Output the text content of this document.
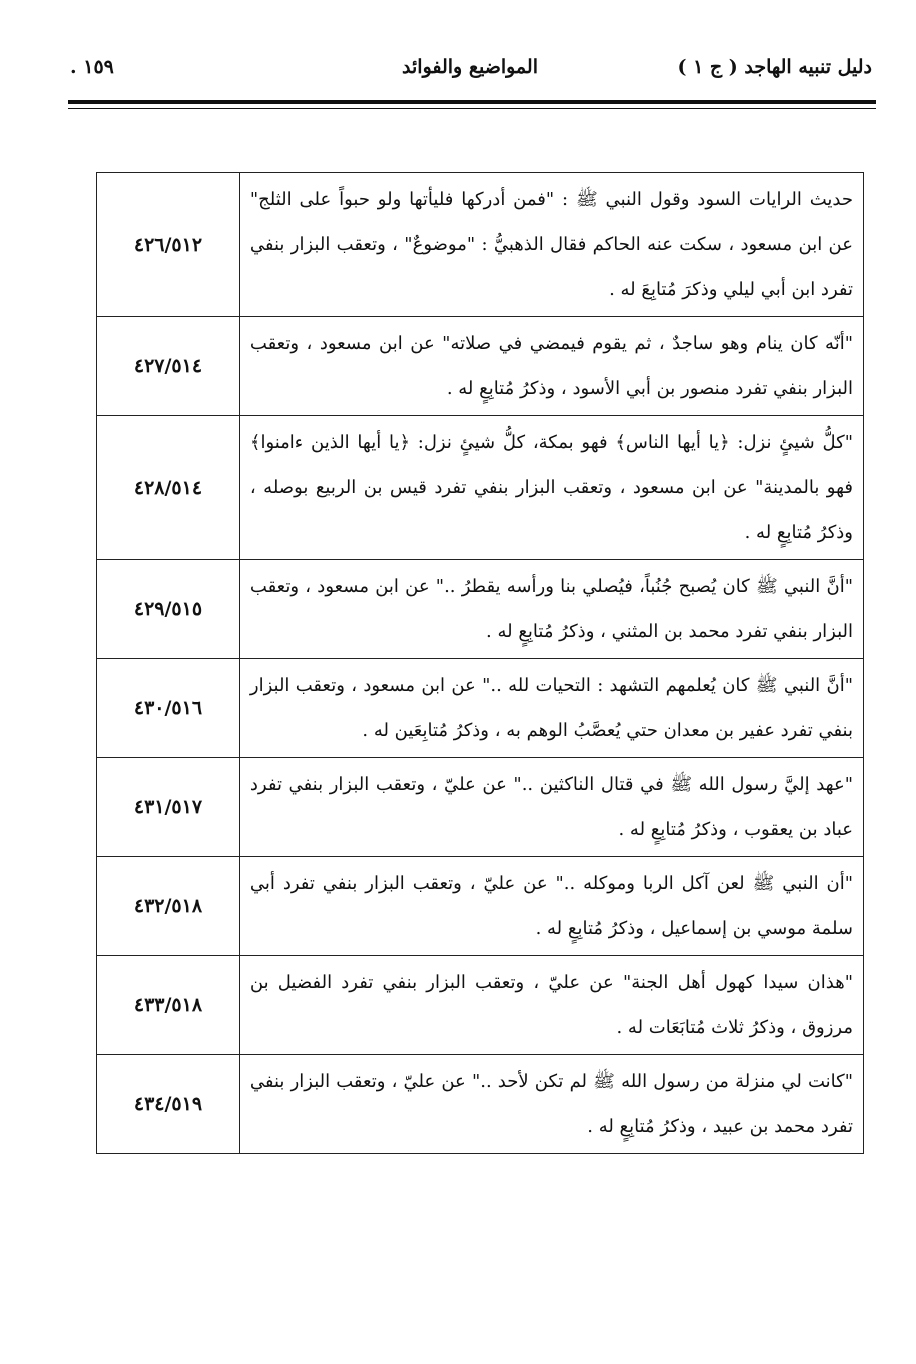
دليل تنبيه الهاجد ( ج ١ )
المواضيع والفوائد
١٥٩ .
حديث الرايات السود وقول النبي ﷺ : "فمن أدركها فليأتها ولو حبواً على الثلج" عن ابن مسعود ، سكت عنه الحاكم فقال الذهبيُّ : "موضوعٌ" ، وتعقب البزار بنفي تفرد ابن أبي ليلي وذكرَ مُتابِعَ له .	٤٢٦/٥١٢
"أنّه كان ينام وهو ساجدٌ ، ثم يقوم فيمضي في صلاته" عن ابن مسعود ، وتعقب البزار بنفي تفرد منصور بن أبي الأسود ، وذكرُ مُتابِعٍ له .	٤٢٧/٥١٤
"كلُّ شيئٍ نزل: ﴿يا أيها الناس﴾ فهو بمكة، كلُّ شيئٍ نزل: ﴿يا أيها الذين ءامنوا﴾ فهو بالمدينة" عن ابن مسعود ، وتعقب البزار بنفي تفرد قيس بن الربيع بوصله ، وذكرُ مُتابِعٍ له .	٤٢٨/٥١٤
"أنَّ النبي ﷺ كان يُصبح جُنُباً، فيُصلي بنا ورأسه يقطرُ .." عن ابن مسعود ، وتعقب البزار بنفي تفرد محمد بن المثني ، وذكرُ مُتابِعٍ له .	٤٢٩/٥١٥
"أنَّ النبي ﷺ كان يُعلمهم التشهد : التحيات لله .." عن ابن مسعود ، وتعقب البزار بنفي تفرد عفير بن معدان حتي يُعصَّبُ الوهم به ، وذكرُ مُتابِعَين له .	٤٣٠/٥١٦
"عهد إليَّ رسول الله ﷺ في قتال الناكثين .." عن عليّ ، وتعقب البزار بنفي تفرد عباد بن يعقوب ، وذكرُ مُتابِعٍ له .	٤٣١/٥١٧
"أن النبي ﷺ لعن آكل الربا وموكله .." عن عليّ ، وتعقب البزار بنفي تفرد أبي سلمة موسي بن إسماعيل ، وذكرُ مُتابِعٍ له .	٤٣٢/٥١٨
"هذان سيدا كهول أهل الجنة" عن عليّ ، وتعقب البزار بنفي تفرد الفضيل بن مرزوق ، وذكرُ ثلاث مُتابَعَات له .	٤٣٣/٥١٨
"كانت لي منزلة من رسول الله ﷺ لم تكن لأحد .." عن عليّ ، وتعقب البزار بنفي تفرد محمد بن عبيد ، وذكرُ مُتابِعٍ له .	٤٣٤/٥١٩
